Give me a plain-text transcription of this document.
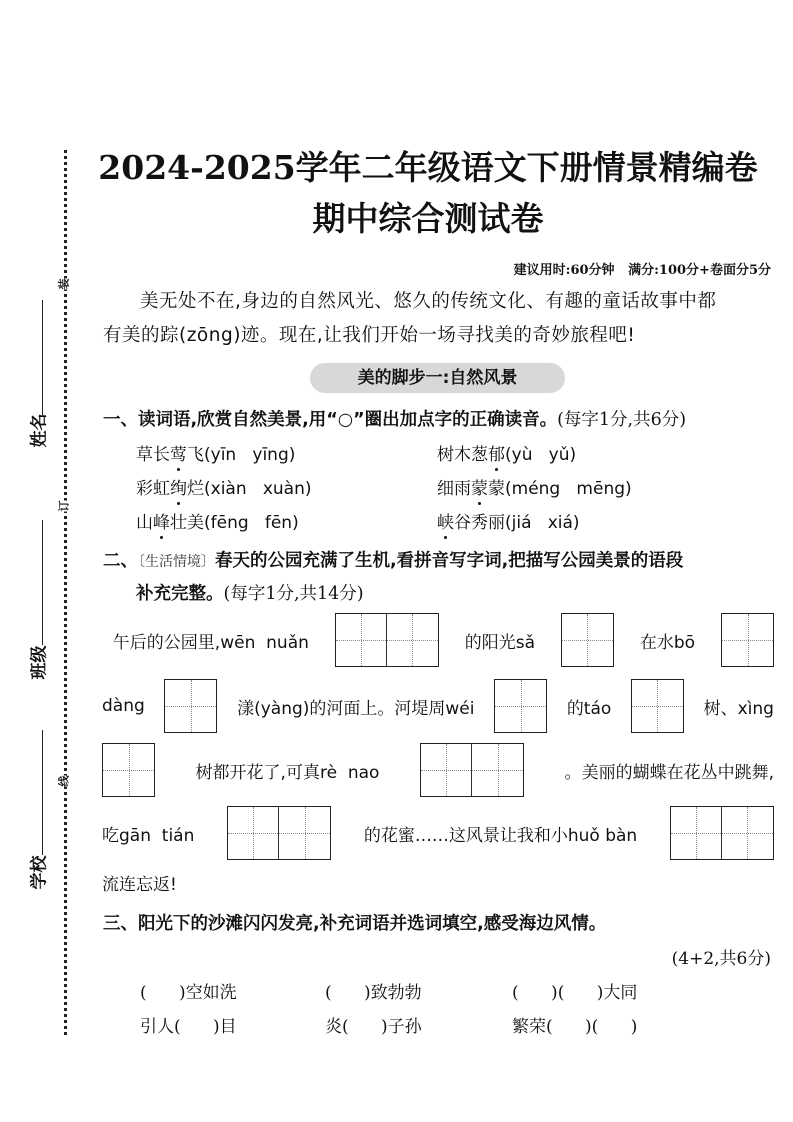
装
订
线
姓名
班级
学校
2024-2025学年二年级语文下册情景精编卷
期中综合测试卷
建议用时:60分钟   满分:100分+卷面分5分
美无处不在,身边的自然风光、悠久的传统文化、有趣的童话故事中都
有美的踪(zōng)迹。现在,让我们开始一场寻找美的奇妙旅程吧!
美的脚步一:自然风景
一、读词语,欣赏自然美景,用“○”圈出加点字的正确读音。(每字1分,共6分)
草长莺飞(yīn   yīng)	树木葱郁(yù   yǔ)
彩虹绚烂(xiàn   xuàn)	细雨蒙蒙(méng   mēng)
山峰壮美(fēng   fēn)	峡谷秀丽(jiá   xiá)
二、〔生活情境〕春天的公园充满了生机,看拼音写字词,把描写公园美景的语段
补充完整。(每字1分,共14分)
午后的公园里,wēn  nuǎn	的阳光sǎ	在水bō
dàng	漾(yàng)的河面上。河堤周wéi	的táo	树、xìng
树都开花了,可真rè  nao	。美丽的蝴蝶在花丛中跳舞,
吃gān  tián	的花蜜……这风景让我和小huǒ bàn
流连忘返!
三、阳光下的沙滩闪闪发亮,补充词语并选词填空,感受海边风情。
(4+2,共6分)
(      )空如洗	(      )致勃勃	(      )(      )大同
引人(      )目	炎(      )子孙	繁荣(      )(      )
